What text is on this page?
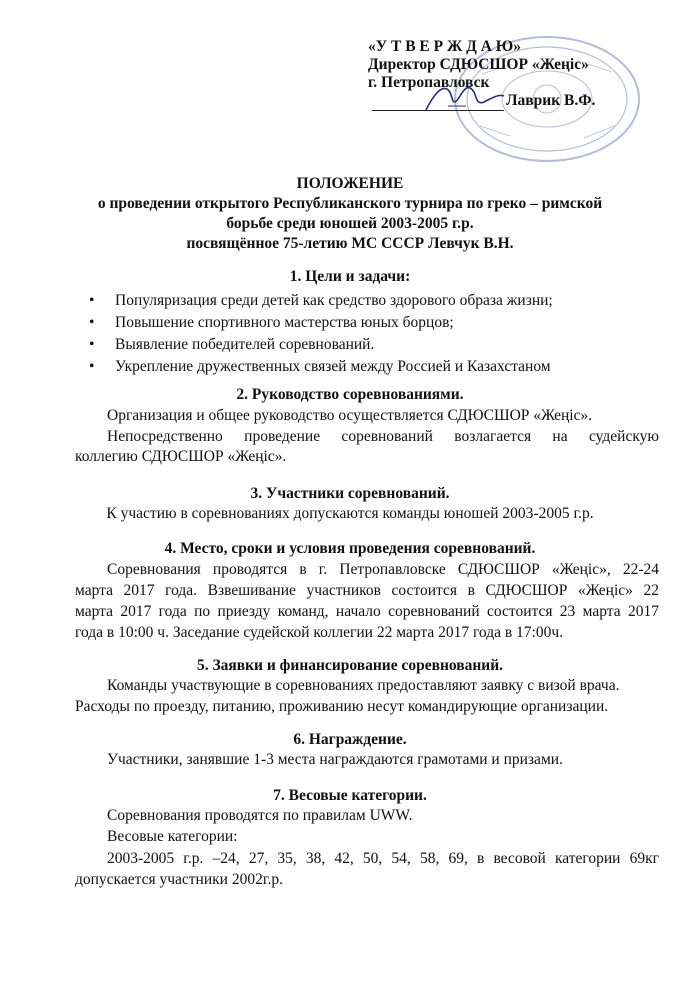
«У Т В Е Р Ж Д А Ю»
Директор СДЮСШОР «Жеңіс»
г. Петропавловск
Лаврик В.Ф.
ПОЛОЖЕНИЕ
о проведении открытого Республиканского турнира по греко – римской
борьбе среди юношей 2003-2005 г.р.
посвящённое 75-летию МС СССР Левчук В.Н.
1. Цели и задачи:
• Популяризация среди детей как средство здорового образа жизни;
• Повышение спортивного мастерства юных борцов;
• Выявление победителей соревнований.
• Укрепление дружественных связей между Россией и Казахстаном
2. Руководство соревнованиями.
Организация и общее руководство осуществляется СДЮСШОР «Жеңіс».
Непосредственно проведение соревнований возлагается на судейскую
коллегию СДЮСШОР «Жеңіс».
3. Участники соревнований.
К участию в соревнованиях допускаются команды юношей 2003-2005 г.р.
4. Место, сроки и условия проведения соревнований.
Соревнования проводятся в г. Петропавловске СДЮСШОР «Жеңіс», 22-24
марта 2017 года. Взвешивание участников состоится в СДЮСШОР «Жеңіс» 22
марта 2017 года по приезду команд, начало соревнований состоится 23 марта 2017
года в 10:00 ч. Заседание судейской коллегии 22 марта 2017 года в 17:00ч.
5. Заявки и финансирование соревнований.
Команды участвующие в соревнованиях предоставляют заявку с визой врача.
Расходы по проезду, питанию, проживанию несут командирующие организации.
6. Награждение.
Участники, занявшие 1-3 места награждаются грамотами и призами.
7. Весовые категории.
Соревнования проводятся по правилам UWW.
Весовые категории:
2003-2005 г.р. –24, 27, 35, 38, 42, 50, 54, 58, 69, в весовой категории 69кг
допускается участники 2002г.р.
